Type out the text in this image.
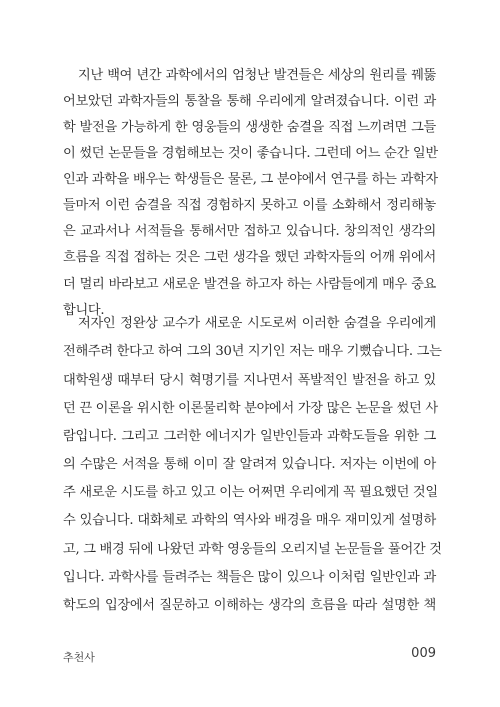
지난 백여 년간 과학에서의 엄청난 발견들은 세상의 원리를 꿰뚫
어보았던 과학자들의 통찰을 통해 우리에게 알려졌습니다. 이런 과
학 발전을 가능하게 한 영웅들의 생생한 숨결을 직접 느끼려면 그들
이 썼던 논문들을 경험해보는 것이 좋습니다. 그런데 어느 순간 일반
인과 과학을 배우는 학생들은 물론, 그 분야에서 연구를 하는 과학자
들마저 이런 숨결을 직접 경험하지 못하고 이를 소화해서 정리해놓
은 교과서나 서적들을 통해서만 접하고 있습니다. 창의적인 생각의
흐름을 직접 접하는 것은 그런 생각을 했던 과학자들의 어깨 위에서
더 멀리 바라보고 새로운 발견을 하고자 하는 사람들에게 매우 중요
합니다.
저자인 정완상 교수가 새로운 시도로써 이러한 숨결을 우리에게
전해주려 한다고 하여 그의 30년 지기인 저는 매우 기뻤습니다. 그는
대학원생 때부터 당시 혁명기를 지나면서 폭발적인 발전을 하고 있
던 끈 이론을 위시한 이론물리학 분야에서 가장 많은 논문을 썼던 사
람입니다. 그리고 그러한 에너지가 일반인들과 과학도들을 위한 그
의 수많은 서적을 통해 이미 잘 알려져 있습니다. 저자는 이번에 아
주 새로운 시도를 하고 있고 이는 어쩌면 우리에게 꼭 필요했던 것일
수 있습니다. 대화체로 과학의 역사와 배경을 매우 재미있게 설명하
고, 그 배경 뒤에 나왔던 과학 영웅들의 오리지널 논문들을 풀어간 것
추천사	009
입니다. 과학사를 들려주는 책들은 많이 있으나 이처럼 일반인과 과
학도의 입장에서 질문하고 이해하는 생각의 흐름을 따라 설명한 책
